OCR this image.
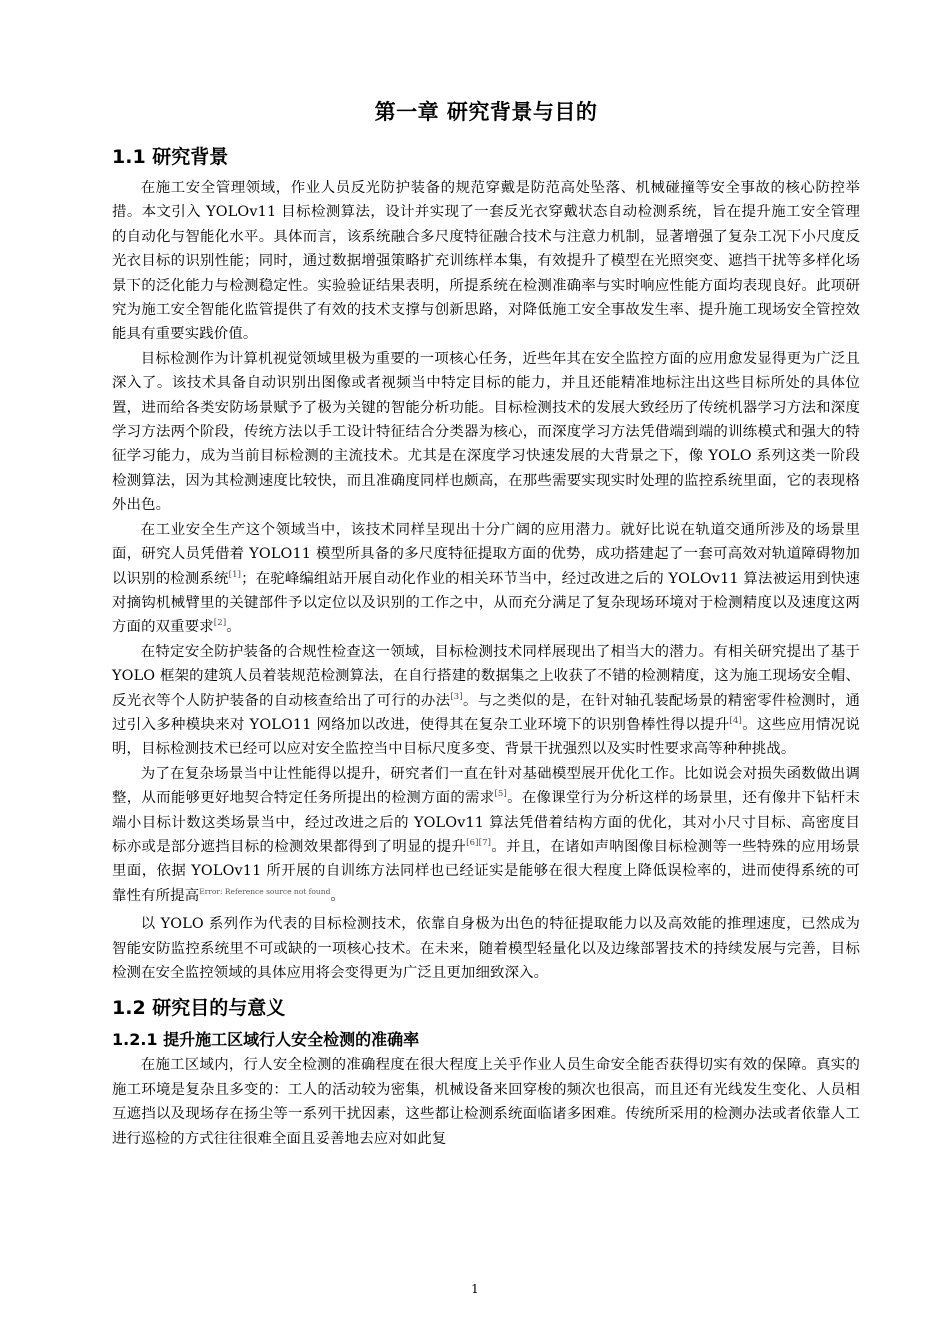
第一章 研究背景与目的
1.1 研究背景

在施工安全管理领域，作业人员反光防护装备的规范穿戴是防范高处坠落、机械碰撞等安全事故的核心防控举措。本文引入 YOLOv11 目标检测算法，设计并实现了一套反光衣穿戴状态自动检测系统，旨在提升施工安全管理的自动化与智能化水平。具体而言，该系统融合多尺度特征融合技术与注意力机制，显著增强了复杂工况下小尺度反光衣目标的识别性能；同时，通过数据增强策略扩充训练样本集，有效提升了模型在光照突变、遮挡干扰等多样化场景下的泛化能力与检测稳定性。实验验证结果表明，所提系统在检测准确率与实时响应性能方面均表现良好。此项研究为施工安全智能化监管提供了有效的技术支撑与创新思路，对降低施工安全事故发生率、提升施工现场安全管控效能具有重要实践价值。

目标检测作为计算机视觉领域里极为重要的一项核心任务，近些年其在安全监控方面的应用愈发显得更为广泛且深入了。该技术具备自动识别出图像或者视频当中特定目标的能力，并且还能精准地标注出这些目标所处的具体位置，进而给各类安防场景赋予了极为关键的智能分析功能。目标检测技术的发展大致经历了传统机器学习方法和深度学习方法两个阶段，传统方法以手工设计特征结合分类器为核心，而深度学习方法凭借端到端的训练模式和强大的特征学习能力，成为当前目标检测的主流技术。尤其是在深度学习快速发展的大背景之下，像 YOLO 系列这类一阶段检测算法，因为其检测速度比较快，而且准确度同样也颇高，在那些需要实现实时处理的监控系统里面，它的表现格外出色。

在工业安全生产这个领域当中，该技术同样呈现出十分广阔的应用潜力。就好比说在轨道交通所涉及的场景里面，研究人员凭借着 YOLO11 模型所具备的多尺度特征提取方面的优势，成功搭建起了一套可高效对轨道障碍物加以识别的检测系统[1]；在驼峰编组站开展自动化作业的相关环节当中，经过改进之后的 YOLOv11 算法被运用到快速对摘钩机械臂里的关键部件予以定位以及识别的工作之中，从而充分满足了复杂现场环境对于检测精度以及速度这两方面的双重要求[2]。

在特定安全防护装备的合规性检查这一领域，目标检测技术同样展现出了相当大的潜力。有相关研究提出了基于 YOLO 框架的建筑人员着装规范检测算法，在自行搭建的数据集之上收获了不错的检测精度，这为施工现场安全帽、反光衣等个人防护装备的自动核查给出了可行的办法[3]。与之类似的是，在针对轴孔装配场景的精密零件检测时，通过引入多种模块来对 YOLO11 网络加以改进，使得其在复杂工业环境下的识别鲁棒性得以提升[4]。这些应用情况说明，目标检测技术已经可以应对安全监控当中目标尺度多变、背景干扰强烈以及实时性要求高等种种挑战。

为了在复杂场景当中让性能得以提升，研究者们一直在针对基础模型展开优化工作。比如说会对损失函数做出调整，从而能够更好地契合特定任务所提出的检测方面的需求[5]。在像课堂行为分析这样的场景里，还有像井下钻杆末端小目标计数这类场景当中，经过改进之后的 YOLOv11 算法凭借着结构方面的优化，其对小尺寸目标、高密度目标亦或是部分遮挡目标的检测效果都得到了明显的提升[6][7]。并且，在诸如声呐图像目标检测等一些特殊的应用场景里面，依据 YOLOv11 所开展的自训练方法同样也已经证实是能够在很大程度上降低误检率的，进而使得系统的可靠性有所提高$^{Error: Reference source not found}$。

以 YOLO 系列作为代表的目标检测技术，依靠自身极为出色的特征提取能力以及高效能的推理速度，已然成为智能安防监控系统里不可或缺的一项核心技术。在未来，随着模型轻量化以及边缘部署技术的持续发展与完善，目标检测在安全监控领域的具体应用将会变得更为广泛且更加细致深入。

1.2 研究目的与意义
1.2.1 提升施工区域行人安全检测的准确率

在施工区域内，行人安全检测的准确程度在很大程度上关乎作业人员生命安全能否获得切实有效的保障。真实的施工环境是复杂且多变的：工人的活动较为密集，机械设备来回穿梭的频次也很高，而且还有光线发生变化、人员相互遮挡以及现场存在扬尘等一系列干扰因素，这些都让检测系统面临诸多困难。传统所采用的检测办法或者依靠人工进行巡检的方式往往很难全面且妥善地去应对如此复

1
